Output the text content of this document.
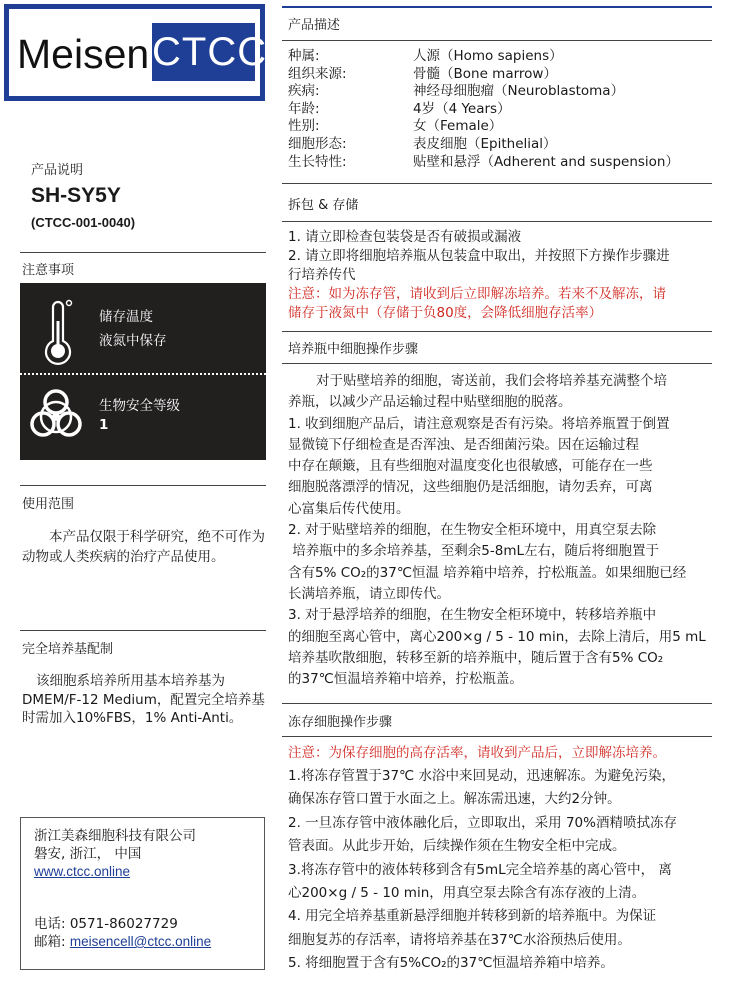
Meisen CTCC
产品说明
SH-SY5Y
(CTCC-001-0040)
注意事项
储存温度
液氮中保存
生物安全等级
1
使用范围
本产品仅限于科学研究，绝不可作为动物或人类疾病的治疗产品使用。
完全培养基配制
该细胞系培养所用基本培养基为
DMEM/F-12 Medium，配置完全培养基
时需加入10%FBS，1% Anti-Anti。
浙江美森细胞科技有限公司
磐安, 浙江， 中国
www.ctcc.online
电话: 0571-86027729
邮箱: meisencell@ctcc.online
产品描述
种属:	人源（Homo sapiens）
组织来源:	骨髓（Bone marrow）
疾病:	神经母细胞瘤（Neuroblastoma）
年龄:	4岁（4 Years）
性别:	女（Female）
细胞形态:	表皮细胞（Epithelial）
生长特性:	贴壁和悬浮（Adherent and suspension）
拆包 & 存储
1. 请立即检查包装袋是否有破损或漏液
2. 请立即将细胞培养瓶从包装盒中取出，并按照下方操作步骤进
行培养传代
注意：如为冻存管，请收到后立即解冻培养。若来不及解冻，请
储存于液氮中（存储于负80度，会降低细胞存活率）
培养瓶中细胞操作步骤
对于贴壁培养的细胞，寄送前，我们会将培养基充满整个培
养瓶，以减少产品运输过程中贴壁细胞的脱落。
1. 收到细胞产品后，请注意观察是否有污染。将培养瓶置于倒置
显微镜下仔细检查是否浑浊、是否细菌污染。因在运输过程
中存在颠簸，且有些细胞对温度变化也很敏感，可能存在一些
细胞脱落漂浮的情况，这些细胞仍是活细胞，请勿丢弃，可离
心富集后传代使用。
2. 对于贴壁培养的细胞，在生物安全柜环境中，用真空泵去除
培养瓶中的多余培养基，至剩余5-8mL左右，随后将细胞置于
含有5% CO₂的37℃恒温 培养箱中培养，拧松瓶盖。如果细胞已经
长满培养瓶，请立即传代。
3. 对于悬浮培养的细胞，在生物安全柜环境中，转移培养瓶中
的细胞至离心管中，离心200×g / 5 - 10 min，去除上清后，用5 mL
培养基吹散细胞，转移至新的培养瓶中，随后置于含有5% CO₂
的37℃恒温培养箱中培养，拧松瓶盖。
冻存细胞操作步骤
注意：为保存细胞的高存活率，请收到产品后，立即解冻培养。
1.将冻存管置于37℃ 水浴中来回晃动，迅速解冻。为避免污染，
确保冻存管口置于水面之上。解冻需迅速，大约2分钟。
2. 一旦冻存管中液体融化后，立即取出，采用 70%酒精喷拭冻存
管表面。从此步开始，后续操作须在生物安全柜中完成。
3.将冻存管中的液体转移到含有5mL完全培养基的离心管中， 离
心200×g / 5 - 10 min，用真空泵去除含有冻存液的上清。
4. 用完全培养基重新悬浮细胞并转移到新的培养瓶中。为保证
细胞复苏的存活率，请将培养基在37℃水浴预热后使用。
5. 将细胞置于含有5%CO₂的37℃恒温培养箱中培养。
